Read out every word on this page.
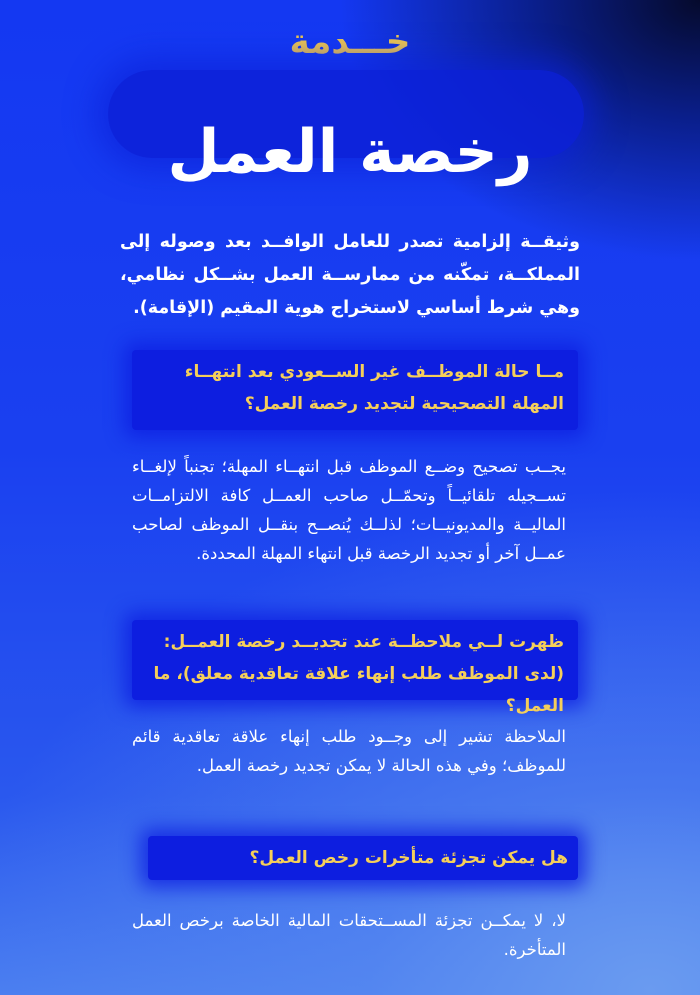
خـــدمة
رخصة العمل
وثيقــة إلزامية تصدر للعامل الوافــد بعد وصوله إلى المملكــة، تمكّنه من ممارســة العمل بشــكل نظامي، وهي شرط أساسي لاستخراج هوية المقيم (الإقامة).
مــا حالة الموظــف غير الســعودي بعد انتهــاء المهلة التصحيحية لتجديد رخصة العمل؟
يجــب تصحيح وضــع الموظف قبل انتهــاء المهلة؛ تجنباً لإلغــاء تســجيله تلقائيــاً وتحمّــل صاحب العمــل كافة الالتزامــات الماليــة والمديونيــات؛ لذلــك يُنصــح بنقــل الموظف لصاحب عمــل آخر أو تجديد الرخصة قبل انتهاء المهلة المحددة.
ظهرت لــي ملاحظــة عند تجديــد رخصة العمــل: (لدى الموظف طلب إنهاء علاقة تعاقدية معلق)، ما العمل؟
الملاحظة تشير إلى وجــود طلب إنهاء علاقة تعاقدية قائم للموظف؛ وفي هذه الحالة لا يمكن تجديد رخصة العمل.
هل يمكن تجزئة متأخرات رخص العمل؟
لا، لا يمكــن تجزئة المســتحقات المالية الخاصة برخص العمل المتأخرة.
